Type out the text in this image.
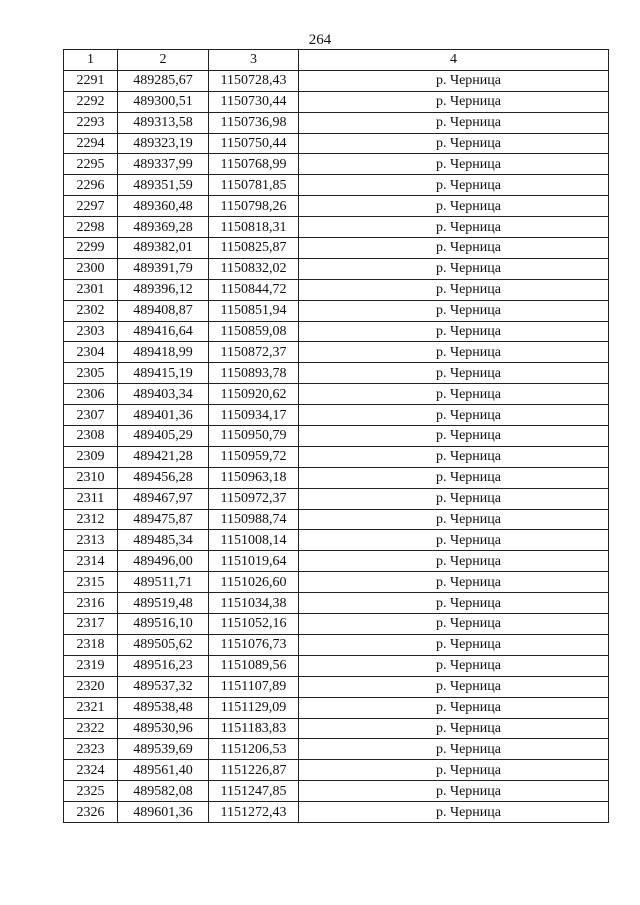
264
1	2	3	4
2291	489285,67	1150728,43	р. Черница
2292	489300,51	1150730,44	р. Черница
2293	489313,58	1150736,98	р. Черница
2294	489323,19	1150750,44	р. Черница
2295	489337,99	1150768,99	р. Черница
2296	489351,59	1150781,85	р. Черница
2297	489360,48	1150798,26	р. Черница
2298	489369,28	1150818,31	р. Черница
2299	489382,01	1150825,87	р. Черница
2300	489391,79	1150832,02	р. Черница
2301	489396,12	1150844,72	р. Черница
2302	489408,87	1150851,94	р. Черница
2303	489416,64	1150859,08	р. Черница
2304	489418,99	1150872,37	р. Черница
2305	489415,19	1150893,78	р. Черница
2306	489403,34	1150920,62	р. Черница
2307	489401,36	1150934,17	р. Черница
2308	489405,29	1150950,79	р. Черница
2309	489421,28	1150959,72	р. Черница
2310	489456,28	1150963,18	р. Черница
2311	489467,97	1150972,37	р. Черница
2312	489475,87	1150988,74	р. Черница
2313	489485,34	1151008,14	р. Черница
2314	489496,00	1151019,64	р. Черница
2315	489511,71	1151026,60	р. Черница
2316	489519,48	1151034,38	р. Черница
2317	489516,10	1151052,16	р. Черница
2318	489505,62	1151076,73	р. Черница
2319	489516,23	1151089,56	р. Черница
2320	489537,32	1151107,89	р. Черница
2321	489538,48	1151129,09	р. Черница
2322	489530,96	1151183,83	р. Черница
2323	489539,69	1151206,53	р. Черница
2324	489561,40	1151226,87	р. Черница
2325	489582,08	1151247,85	р. Черница
2326	489601,36	1151272,43	р. Черница
